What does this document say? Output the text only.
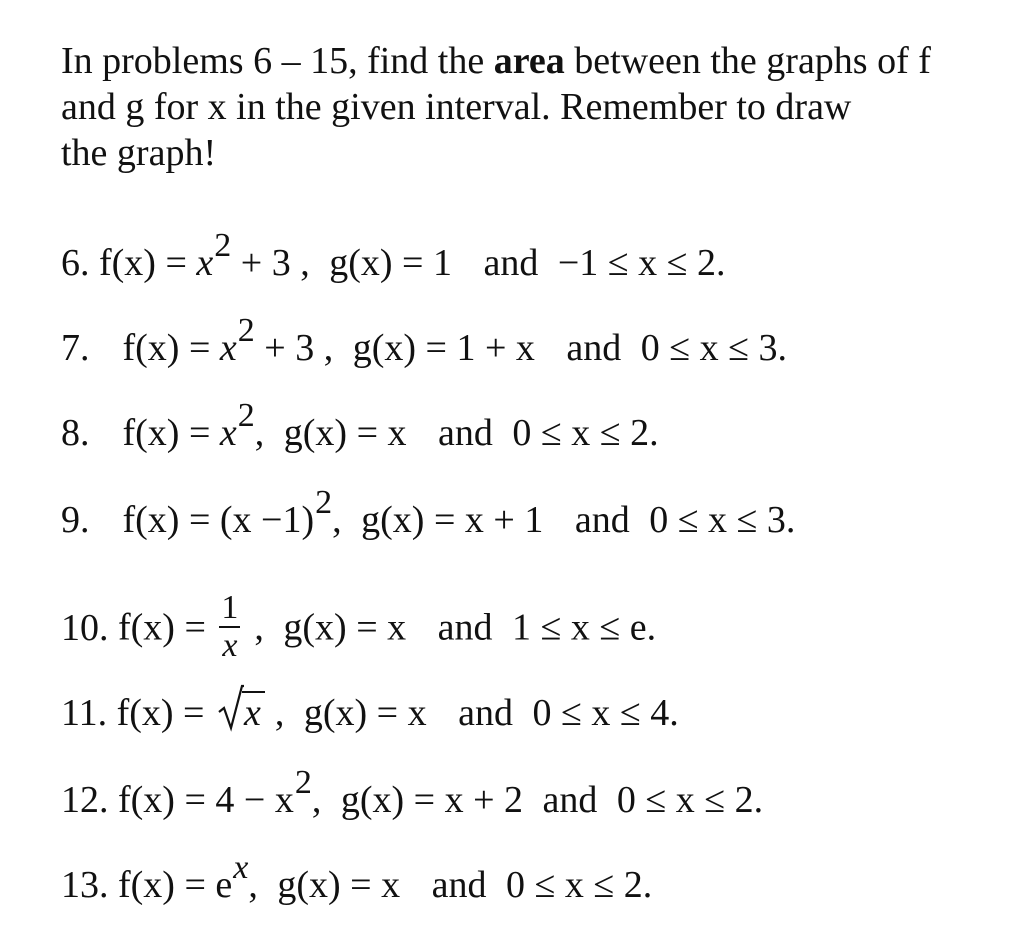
In problems 6 – 15, find the area between the graphs of f

and g for x in the given interval. Remember to draw

the graph!

6. f(x) = x2 + 3 , g(x) = 1 and −1 ≤ x ≤ 2.
7. f(x) = x2 + 3 , g(x) = 1 + x and 0 ≤ x ≤ 3.
8. f(x) = x2, g(x) = x and 0 ≤ x ≤ 2.
9. f(x) = (x −1)2, g(x) = x + 1 and 0 ≤ x ≤ 3.
10. $f(x) = \frac{1}{x}$ , g(x) = x and 1 ≤ x ≤ e.
11. f(x) = x , g(x) = x and 0 ≤ x ≤ 4.
12. f(x) = 4 − x2, g(x) = x + 2 and 0 ≤ x ≤ 2.
13. f(x) = ex, g(x) = x and 0 ≤ x ≤ 2.
